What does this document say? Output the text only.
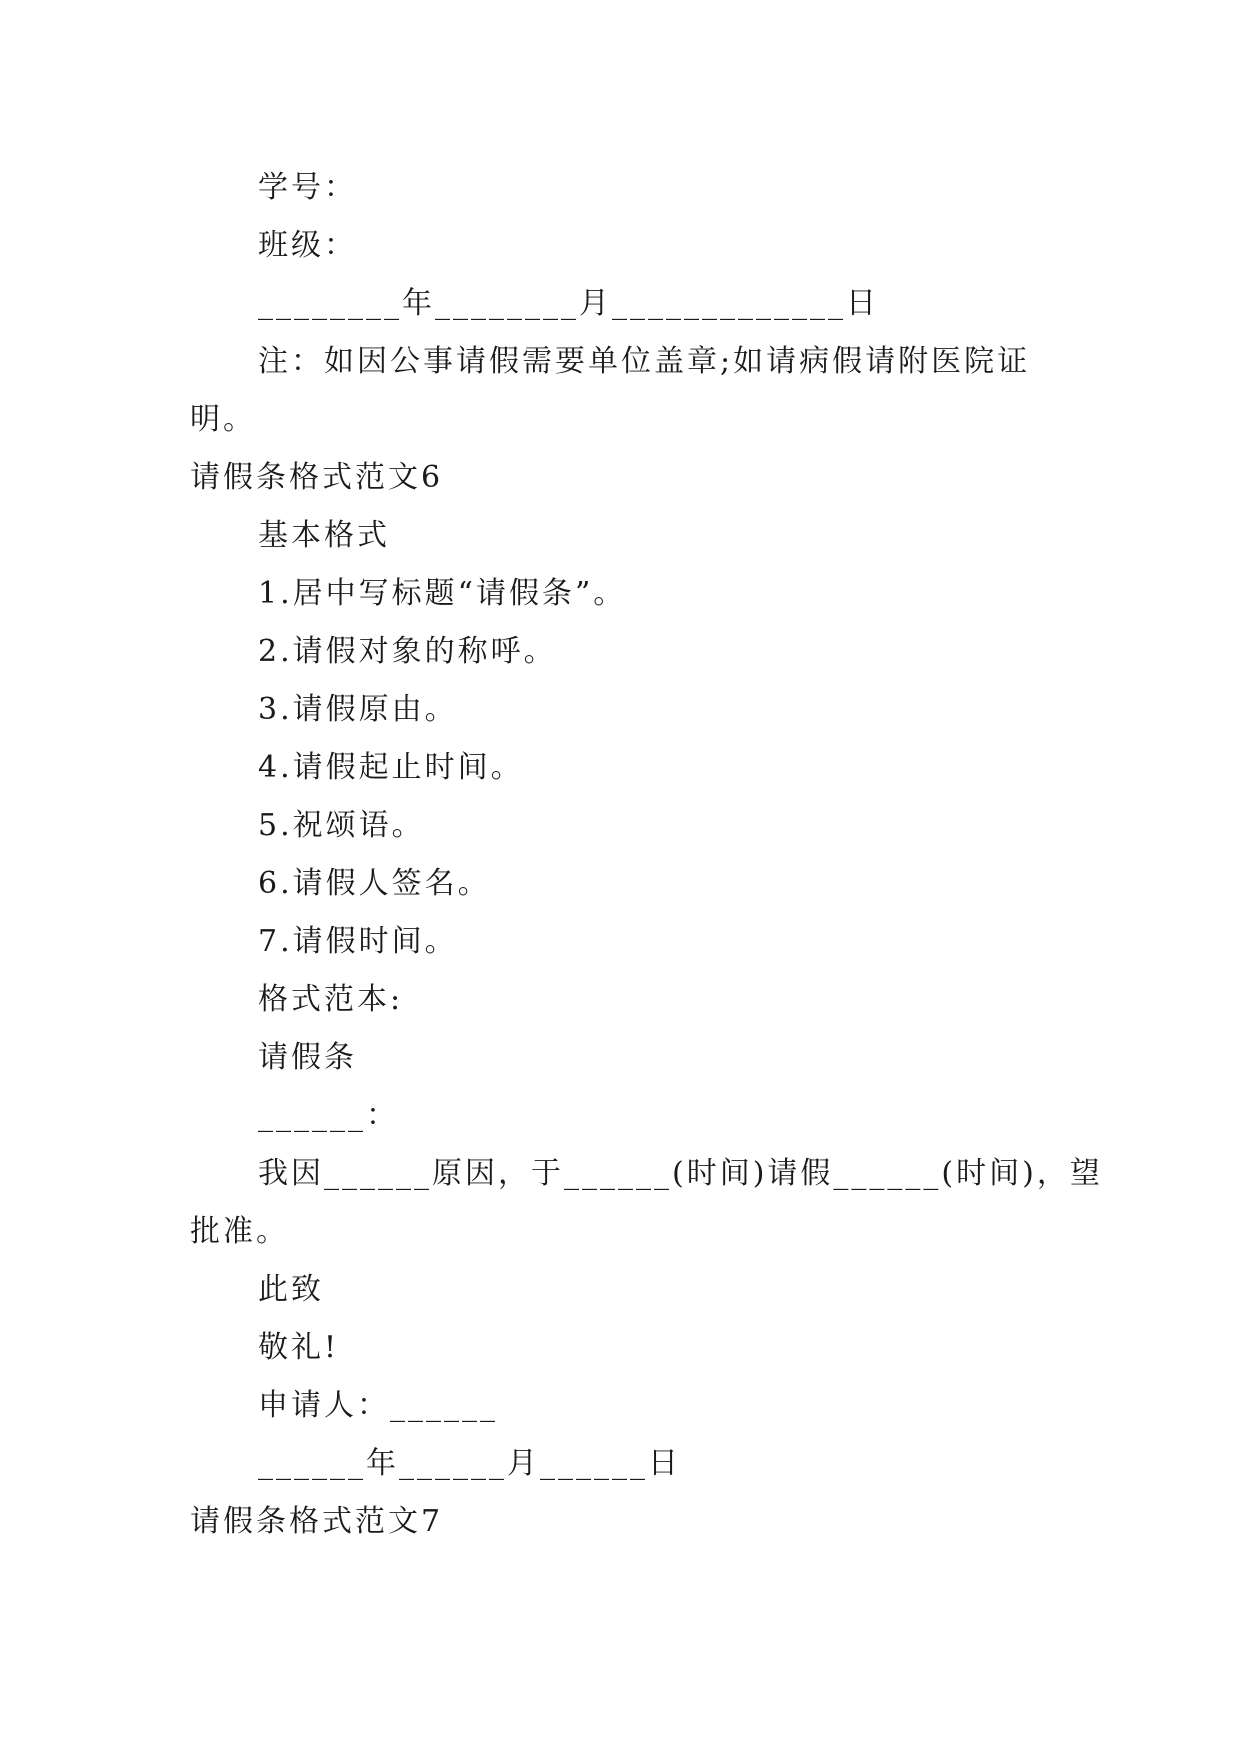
学号：
班级：
________年________月_____________日
注：如因公事请假需要单位盖章;如请病假请附医院证
明。
请假条格式范文6
基本格式
1.居中写标题“请假条”。
2.请假对象的称呼。
3.请假原由。
4.请假起止时间。
5.祝颂语。
6.请假人签名。
7.请假时间。
格式范本:
请假条
______：
我因______原因，于______(时间)请假______(时间)，望
批准。
此致
敬礼!
申请人：______
______年______月______日
请假条格式范文7
